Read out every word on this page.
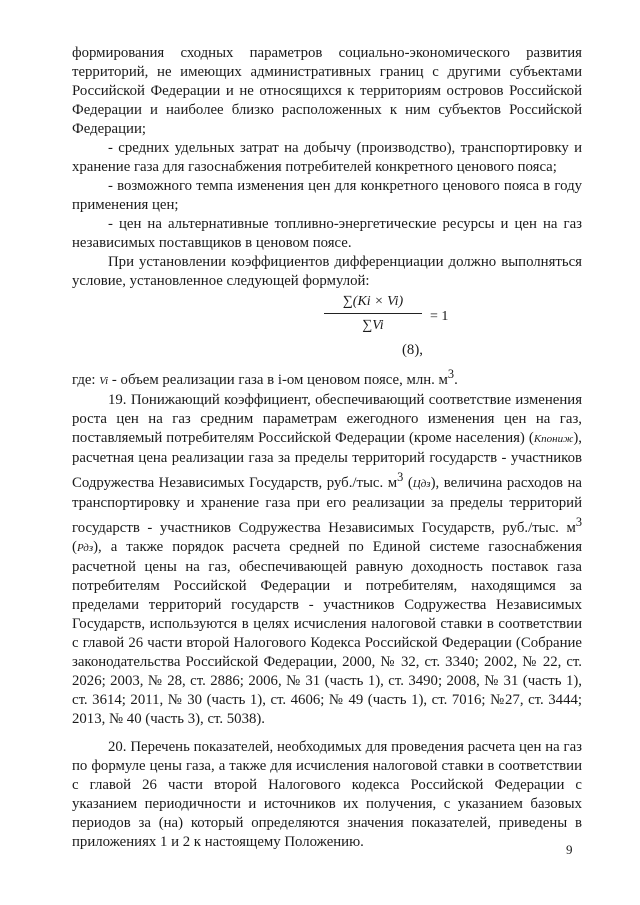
формирования сходных параметров социально-экономического развития территорий, не имеющих административных границ с другими субъектами Российской Федерации и не относящихся к территориям островов Российской Федерации и наиболее близко расположенных к ним субъектов Российской Федерации;

- средних удельных затрат на добычу (производство), транспортировку и хранение газа для газоснабжения потребителей конкретного ценового пояса;

- возможного темпа изменения цен для конкретного ценового пояса в году применения цен;

- цен на альтернативные топливно-энергетические ресурсы и цен на газ независимых поставщиков в ценовом поясе.

При установлении коэффициентов дифференциации должно выполняться условие, установленное следующей формулой:

∑(Ki × Vi)
∑Vi
= 1
(8),

где: Vi - объем реализации газа в i-ом ценовом поясе, млн. $м^3$.

19. Понижающий коэффициент, обеспечивающий соответствие изменения роста цен на газ средним параметрам ежегодного изменения цен на газ, поставляемый потребителям Российской Федерации (кроме населения) (Kпониж), расчетная цена реализации газа за пределы территорий государств - участников Содружества Независимых Государств, руб./тыс. $м^3$ (Цдз), величина расходов на транспортировку и хранение газа при его реализации за пределы территорий государств - участников Содружества Независимых Государств, руб./тыс. $м^3$ (Рдз), а также порядок расчета средней по Единой системе газоснабжения расчетной цены на газ, обеспечивающей равную доходность поставок газа потребителям Российской Федерации и потребителям, находящимся за пределами территорий государств - участников Содружества Независимых Государств, используются в целях исчисления налоговой ставки в соответствии с главой 26 части второй Налогового Кодекса Российской Федерации (Собрание законодательства Российской Федерации, 2000, № 32, ст. 3340; 2002, № 22, ст. 2026; 2003, № 28, ст. 2886; 2006, № 31 (часть 1), ст. 3490; 2008, № 31 (часть 1), ст. 3614; 2011, № 30 (часть 1), ст. 4606; № 49 (часть 1), ст. 7016; №27, ст. 3444; 2013, № 40 (часть 3), ст. 5038).

20. Перечень показателей, необходимых для проведения расчета цен на газ по формуле цены газа, а также для исчисления налоговой ставки в соответствии с главой 26 части второй Налогового кодекса Российской Федерации с указанием периодичности и источников их получения, с указанием базовых периодов за (на) который определяются значения показателей, приведены в приложениях 1 и 2 к настоящему Положению.	9
